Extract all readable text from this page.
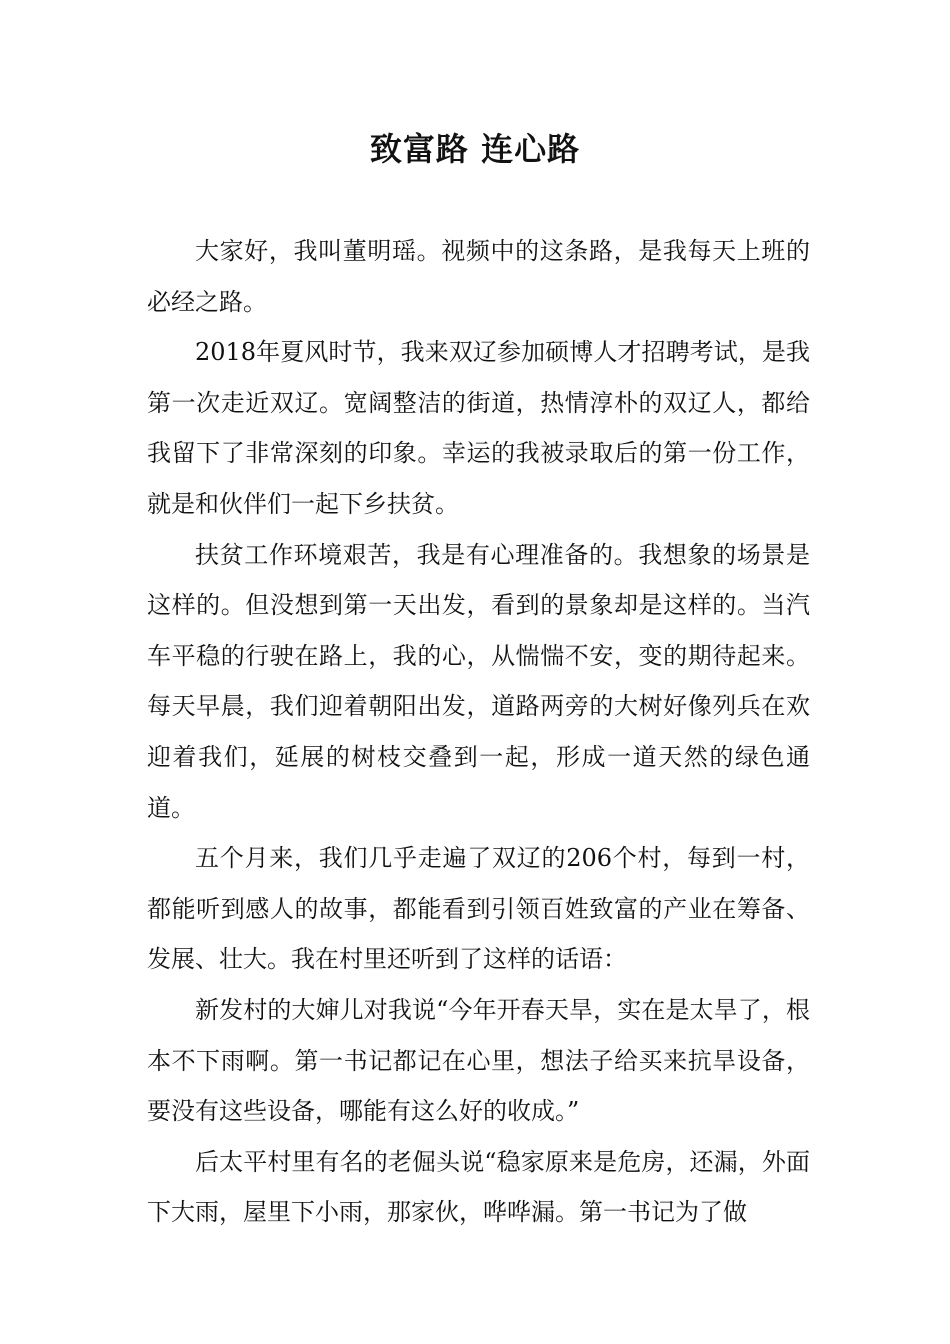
致富路 连心路

大家好，我叫董明瑶。视频中的这条路，是我每天上班的必经之路。

2018年夏风时节，我来双辽参加硕博人才招聘考试，是我第一次走近双辽。宽阔整洁的街道，热情淳朴的双辽人，都给我留下了非常深刻的印象。幸运的我被录取后的第一份工作，就是和伙伴们一起下乡扶贫。

扶贫工作环境艰苦，我是有心理准备的。我想象的场景是这样的。但没想到第一天出发，看到的景象却是这样的。当汽车平稳的行驶在路上，我的心，从惴惴不安，变的期待起来。每天早晨，我们迎着朝阳出发，道路两旁的大树好像列兵在欢迎着我们，延展的树枝交叠到一起，形成一道天然的绿色通道。

五个月来，我们几乎走遍了双辽的206个村，每到一村，都能听到感人的故事，都能看到引领百姓致富的产业在筹备、发展、壮大。我在村里还听到了这样的话语：

新发村的大婶儿对我说“今年开春天旱，实在是太旱了，根本不下雨啊。第一书记都记在心里，想法子给买来抗旱设备，要没有这些设备，哪能有这么好的收成。”

后太平村里有名的老倔头说“稳家原来是危房，还漏，外面下大雨，屋里下小雨，那家伙，哗哗漏。第一书记为了做
